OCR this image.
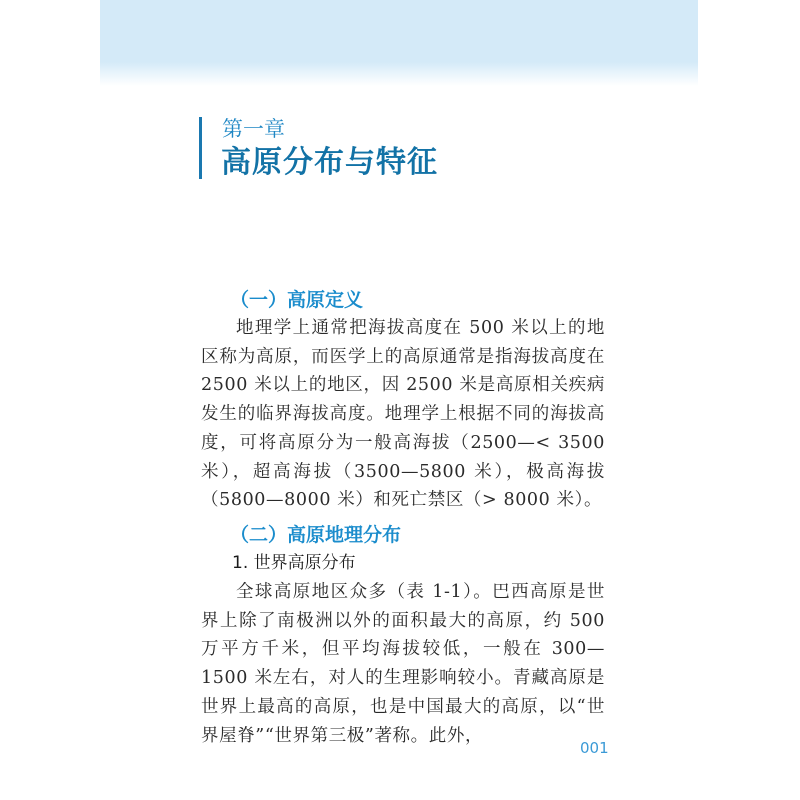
第一章
高原分布与特征
（一）高原定义

地理学上通常把海拔高度在 500 米以上的地区称为高原，而医学上的高原通常是指海拔高度在 2500 米以上的地区，因 2500 米是高原相关疾病发生的临界海拔高度。地理学上根据不同的海拔高度，可将高原分为一般高海拔（2500—< 3500 米），超高海拔（3500—5800 米），极高海拔（5800—8000 米）和死亡禁区（> 8000 米）。

（二）高原地理分布
1. 世界高原分布

全球高原地区众多（表 1-1）。巴西高原是世界上除了南极洲以外的面积最大的高原，约 500 万平方千米，但平均海拔较低，一般在 300—1500 米左右，对人的生理影响较小。青藏高原是世界上最高的高原，也是中国最大的高原，以“世界屋脊”“世界第三极”著称。此外，

001
